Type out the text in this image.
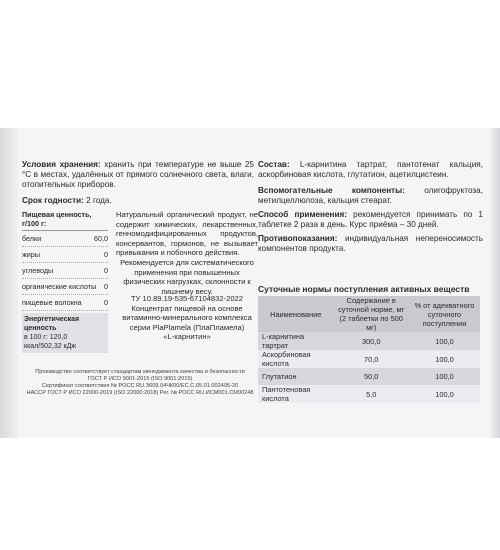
Условия хранения: хранить при температуре не выше 25 °С в местах, удалённых от прямого солнечного света, влаги, отопительных приборов.
Срок годности: 2 года.
Пищевая ценность, г/100 г:
белки	60,0
жиры	0
углеводы	0
органические кислоты 0
пищевые волокна	0
Энергетическая ценность
в 100 г: 120,0 ккал/502,32 кДж
Натуральный органический продукт, не содержит химических, лекарственных, генномодифицированных продуктов, консервантов, гормонов, не вызывает привыкания и побочного действия.
Рекомендуется для систематического применения при повышенных физических нагрузках, склонности к лишнему весу.
ТУ 10.89.19-535-67104832-2022
Концентрат пищевой на основе
витаминно-минерального комплекса
серии PlaPlamela (ПлаПламела)
«L-карнитин»
Производство соответствует стандартам менеджмента качества и безопасности
ГОСТ Р ИСО 9001-2015 (ISO 9001:2015)
Сертификат соответствия № РОСС RU.З609.04ЧК00/ЕС.С.05.01.002495-20
НАССР ГОСТ Р ИСО 22000-2019 (ISO 22000:2018) Рег. № РОСС RU.ИСМ001.СМ00248
Состав: L-карнитина тартрат, пантотенат кальция, аскорбиновая кислота, глутатион, ацетилцистеин.
Вспомогательные компоненты: олигофруктоза, метилцеллюлоза, кальция стеарат.
Способ применения: рекомендуется принимать по 1 таблетке 2 раза в день. Курс приёма – 30 дней.
Противопоказания: индивидуальная непереносимость компонентов продукта.
Суточные нормы поступления активных веществ
Наименование	Содержание в суточной норме, мг (2 таблетки по 500 мг)	% от адекватного суточного поступления
L-карнитина тартрат	300,0	100,0
Аскорбиновая кислота	70,0	100,0
Глутатион	50,0	100,0
Пантотеновая кислота	5,0	100,0
